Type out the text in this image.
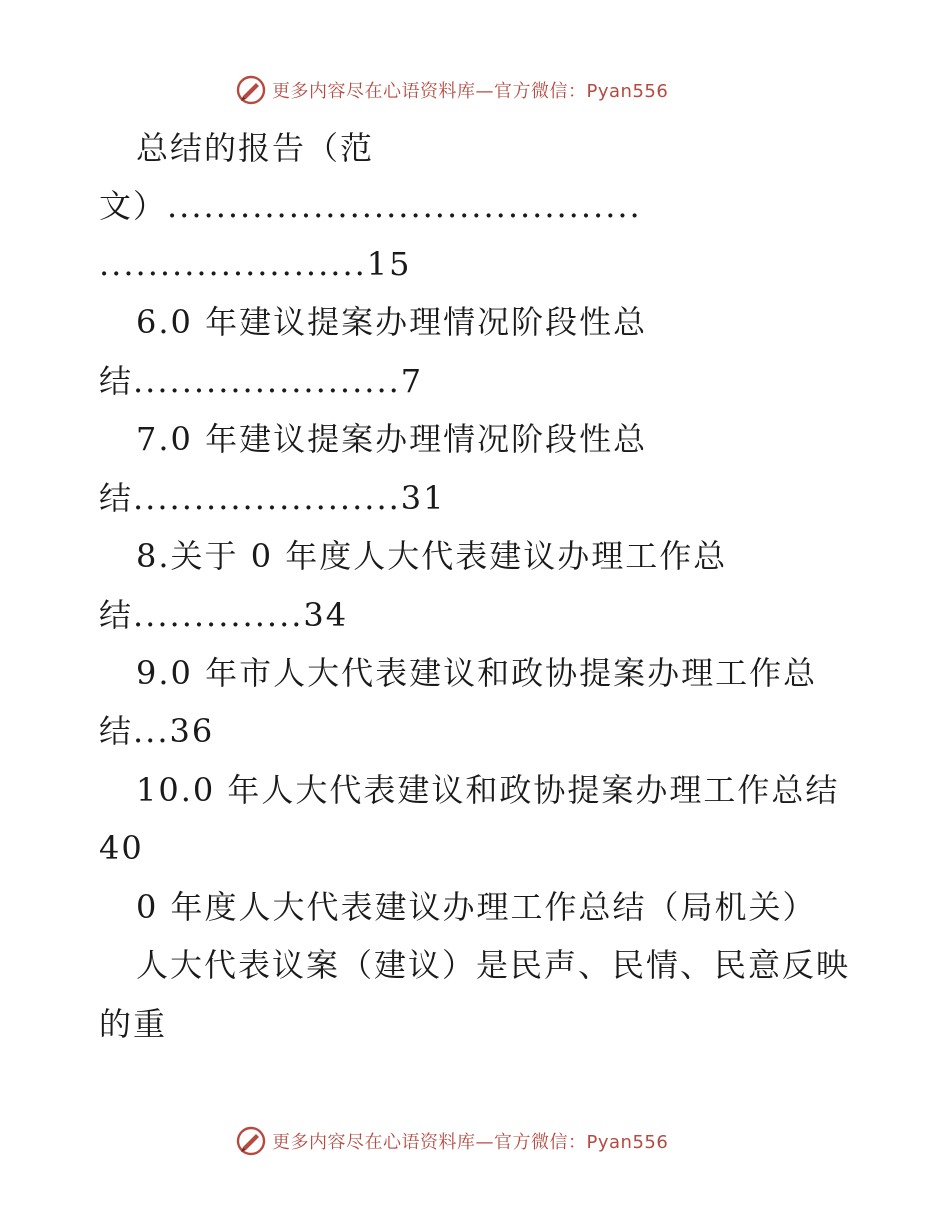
更多内容尽在心语资料库—官方微信：Pyan556
总结的报告（范
文）.......................................
......................15
6.0 年建议提案办理情况阶段性总
结......................7
7.0 年建议提案办理情况阶段性总
结......................31
8.关于 0 年度人大代表建议办理工作总
结..............34
9.0 年市人大代表建议和政协提案办理工作总
结...36
10.0 年人大代表建议和政协提案办理工作总结
40
0 年度人大代表建议办理工作总结（局机关）
人大代表议案（建议）是民声、民情、民意反映
的重
更多内容尽在心语资料库—官方微信：Pyan556
